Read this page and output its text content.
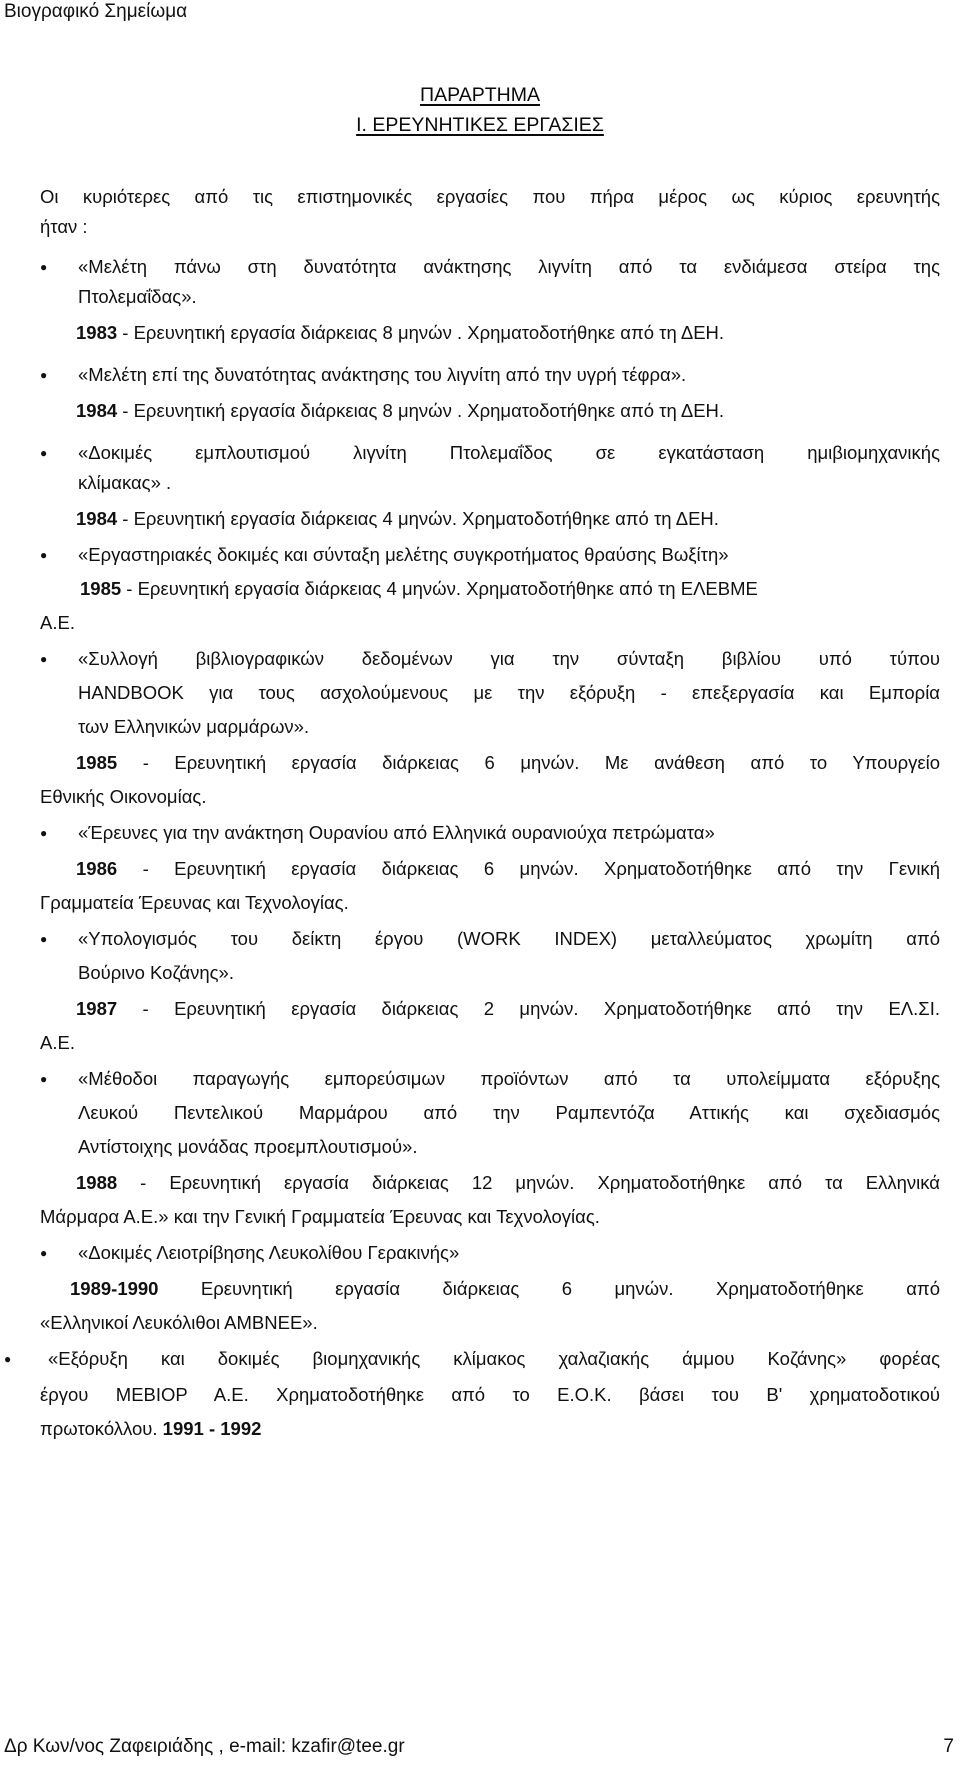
Βιογραφικό Σημείωμα
ΠΑΡΑΡΤΗΜΑ
Ι. ΕΡΕΥΝΗΤΙΚΕΣ ΕΡΓΑΣΙΕΣ
Οι κυριότερες από τις επιστημονικές εργασίες που πήρα μέρος ως κύριος ερευνητής
ήταν :
● «Μελέτη πάνω στη δυνατότητα ανάκτησης λιγνίτη από τα ενδιάμεσα στείρα της
Πτολεμαΐδας».
1983 - Ερευνητική εργασία διάρκειας 8 μηνών . Χρηματοδοτήθηκε από τη ΔΕΗ.
● «Μελέτη επί της δυνατότητας ανάκτησης του λιγνίτη από την υγρή τέφρα».
1984 - Ερευνητική εργασία διάρκειας 8 μηνών . Χρηματοδοτήθηκε από τη ΔΕΗ.
● «Δοκιμές εμπλουτισμού λιγνίτη Πτολεμαΐδος σε εγκατάσταση ημιβιομηχανικής
κλίμακας» .
1984 - Ερευνητική εργασία διάρκειας 4 μηνών. Χρηματοδοτήθηκε από τη ΔΕΗ.
● «Εργαστηριακές δοκιμές και σύνταξη μελέτης συγκροτήματος θραύσης Βωξίτη»
1985 - Ερευνητική εργασία διάρκειας 4 μηνών. Χρηματοδοτήθηκε από τη ΕΛΕΒΜΕ
Α.Ε.
● «Συλλογή βιβλιογραφικών δεδομένων για την σύνταξη βιβλίου υπό τύπου
HANDBOOK για τους ασχολούμενους με την εξόρυξη - επεξεργασία και Εμπορία
των Ελληνικών μαρμάρων».
1985 - Ερευνητική εργασία διάρκειας 6 μηνών. Με ανάθεση από το Υπουργείο
Εθνικής Οικονομίας.
● «Έρευνες για την ανάκτηση Ουρανίου από Ελληνικά ουρανιούχα πετρώματα»
1986 - Ερευνητική εργασία διάρκειας 6 μηνών. Χρηματοδοτήθηκε από την Γενική
Γραμματεία Έρευνας και Τεχνολογίας.
● «Υπολογισμός του δείκτη έργου (WORK INDEX) μεταλλεύματος χρωμίτη από
Βούρινο Κοζάνης».
1987 - Ερευνητική εργασία διάρκειας 2 μηνών. Χρηματοδοτήθηκε από την ΕΛ.ΣΙ.
Α.Ε.
● «Μέθοδοι παραγωγής εμπορεύσιμων προϊόντων από τα υπολείμματα εξόρυξης
Λευκού Πεντελικού Μαρμάρου από την Ραμπεντόζα Αττικής και σχεδιασμός
Αντίστοιχης μονάδας προεμπλουτισμού».
1988 - Ερευνητική εργασία διάρκειας 12 μηνών. Χρηματοδοτήθηκε από τα Ελληνικά
Μάρμαρα Α.Ε.» και την Γενική Γραμματεία Έρευνας και Τεχνολογίας.
● «Δοκιμές Λειοτρίβησης Λευκολίθου Γερακινής»
1989-1990 Ερευνητική εργασία διάρκειας 6 μηνών. Χρηματοδοτήθηκε από
«Ελληνικοί Λευκόλιθοι ΑΜΒΝΕΕ».
● «Εξόρυξη και δοκιμές βιομηχανικής κλίμακος χαλαζιακής άμμου Κοζάνης» φορέας
έργου ΜΕΒΙΟΡ Α.Ε. Χρηματοδοτήθηκε από το Ε.Ο.Κ. βάσει του Β' χρηματοδοτικού
πρωτοκόλλου. 1991 - 1992
Δρ Κων/νος Ζαφειριάδης , e-mail: kzafir@tee.gr	7
